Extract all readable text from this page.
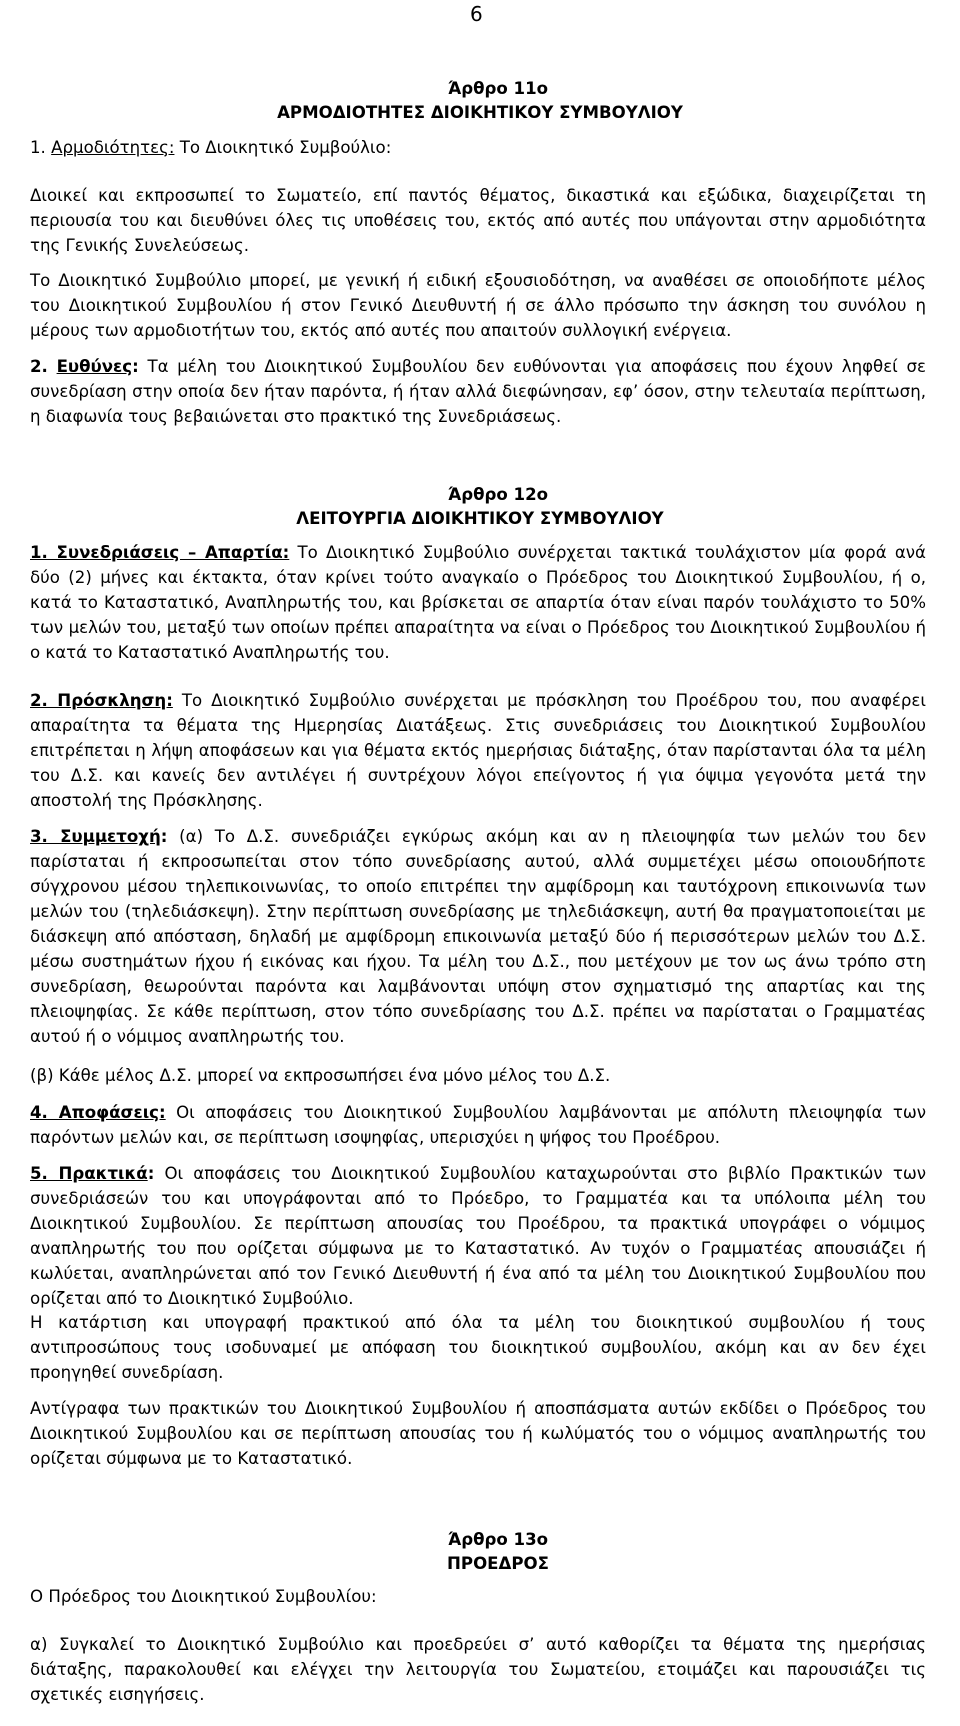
6
Άρθρο 11ο
ΑΡΜΟΔΙΟΤΗΤΕΣ ΔΙΟΙΚΗΤΙΚΟΥ ΣΥΜΒΟΥΛΙΟΥ

1. Αρμοδιότητες: Το Διοικητικό Συμβούλιο:

Διοικεί και εκπροσωπεί το Σωματείο, επί παντός θέματος, δικαστικά και εξώδικα, διαχειρίζεται τη περιουσία του και διευθύνει όλες τις υποθέσεις του, εκτός από αυτές που υπάγονται στην αρμοδιότητα της Γενικής Συνελεύσεως.

Το Διοικητικό Συμβούλιο μπορεί, με γενική ή ειδική εξουσιοδότηση, να αναθέσει σε οποιοδήποτε μέλος του Διοικητικού Συμβουλίου ή στον Γενικό Διευθυντή ή σε άλλο πρόσωπο την άσκηση του συνόλου η μέρους των αρμοδιοτήτων του, εκτός από αυτές που απαιτούν συλλογική ενέργεια.

2. Ευθύνες: Τα μέλη του Διοικητικού Συμβουλίου δεν ευθύνονται για αποφάσεις που έχουν ληφθεί σε συνεδρίαση στην οποία δεν ήταν παρόντα, ή ήταν αλλά διεφώνησαν, εφ’ όσον, στην τελευταία περίπτωση, η διαφωνία τους βεβαιώνεται στο πρακτικό της Συνεδριάσεως.

Άρθρο 12ο
ΛΕΙΤΟΥΡΓΙΑ ΔΙΟΙΚΗΤΙΚΟΥ ΣΥΜΒΟΥΛΙΟΥ

1. Συνεδριάσεις – Απαρτία: Το Διοικητικό Συμβούλιο συνέρχεται τακτικά τουλάχιστον μία φορά ανά δύο (2) μήνες και έκτακτα, όταν κρίνει τούτο αναγκαίο ο Πρόεδρος του Διοικητικού Συμβουλίου, ή ο, κατά το Καταστατικό, Αναπληρωτής του, και βρίσκεται σε απαρτία όταν είναι παρόν τουλάχιστο το 50% των μελών του, μεταξύ των οποίων πρέπει απαραίτητα να είναι ο Πρόεδρος του Διοικητικού Συμβουλίου ή ο κατά το Καταστατικό Αναπληρωτής του.

2. Πρόσκληση: Το Διοικητικό Συμβούλιο συνέρχεται με πρόσκληση του Προέδρου του, που αναφέρει απαραίτητα τα θέματα της Ημερησίας Διατάξεως. Στις συνεδριάσεις του Διοικητικού Συμβουλίου επιτρέπεται η λήψη αποφάσεων και για θέματα εκτός ημερήσιας διάταξης, όταν παρίστανται όλα τα μέλη του Δ.Σ. και κανείς δεν αντιλέγει ή συντρέχουν λόγοι επείγοντος ή για όψιμα γεγονότα μετά την αποστολή της Πρόσκλησης.

3. Συμμετοχή: (α) Το Δ.Σ. συνεδριάζει εγκύρως ακόμη και αν η πλειοψηφία των μελών του δεν παρίσταται ή εκπροσωπείται στον τόπο συνεδρίασης αυτού, αλλά συμμετέχει μέσω οποιουδήποτε σύγχρονου μέσου τηλεπικοινωνίας, το οποίο επιτρέπει την αμφίδρομη και ταυτόχρονη επικοινωνία των μελών του (τηλεδιάσκεψη). Στην περίπτωση συνεδρίασης με τηλεδιάσκεψη, αυτή θα πραγματοποιείται με διάσκεψη από απόσταση, δηλαδή με αμφίδρομη επικοινωνία μεταξύ δύο ή περισσότερων μελών του Δ.Σ. μέσω συστημάτων ήχου ή εικόνας και ήχου. Τα μέλη του Δ.Σ., που μετέχουν με τον ως άνω τρόπο στη συνεδρίαση, θεωρούνται παρόντα και λαμβάνονται υπόψη στον σχηματισμό της απαρτίας και της πλειοψηφίας. Σε κάθε περίπτωση, στον τόπο συνεδρίασης του Δ.Σ. πρέπει να παρίσταται ο Γραμματέας αυτού ή ο νόμιμος αναπληρωτής του.

(β) Κάθε μέλος Δ.Σ. μπορεί να εκπροσωπήσει ένα μόνο μέλος του Δ.Σ.

4. Αποφάσεις: Οι αποφάσεις του Διοικητικού Συμβουλίου λαμβάνονται με απόλυτη πλειοψηφία των παρόντων μελών και, σε περίπτωση ισοψηφίας, υπερισχύει η ψήφος του Προέδρου.

5. Πρακτικά: Οι αποφάσεις του Διοικητικού Συμβουλίου καταχωρούνται στο βιβλίο Πρακτικών των συνεδριάσεών του και υπογράφονται από το Πρόεδρο, το Γραμματέα και τα υπόλοιπα μέλη του Διοικητικού Συμβουλίου. Σε περίπτωση απουσίας του Προέδρου, τα πρακτικά υπογράφει ο νόμιμος αναπληρωτής του που ορίζεται σύμφωνα με το Καταστατικό. Αν τυχόν ο Γραμματέας απουσιάζει ή κωλύεται, αναπληρώνεται από τον Γενικό Διευθυντή ή ένα από τα μέλη του Διοικητικού Συμβουλίου που ορίζεται από το Διοικητικό Συμβούλιο.

Η κατάρτιση και υπογραφή πρακτικού από όλα τα μέλη του διοικητικού συμβουλίου ή τους αντιπροσώπους τους ισοδυναμεί με απόφαση του διοικητικού συμβουλίου, ακόμη και αν δεν έχει προηγηθεί συνεδρίαση.

Αντίγραφα των πρακτικών του Διοικητικού Συμβουλίου ή αποσπάσματα αυτών εκδίδει ο Πρόεδρος του Διοικητικού Συμβουλίου και σε περίπτωση απουσίας του ή κωλύματός του ο νόμιμος αναπληρωτής του ορίζεται σύμφωνα με το Καταστατικό.

Άρθρο 13ο
ΠΡΟΕΔΡΟΣ

Ο Πρόεδρος του Διοικητικού Συμβουλίου:

α) Συγκαλεί το Διοικητικό Συμβούλιο και προεδρεύει σ’ αυτό καθορίζει τα θέματα της ημερήσιας διάταξης, παρακολουθεί και ελέγχει την λειτουργία του Σωματείου, ετοιμάζει και παρουσιάζει τις σχετικές εισηγήσεις.
